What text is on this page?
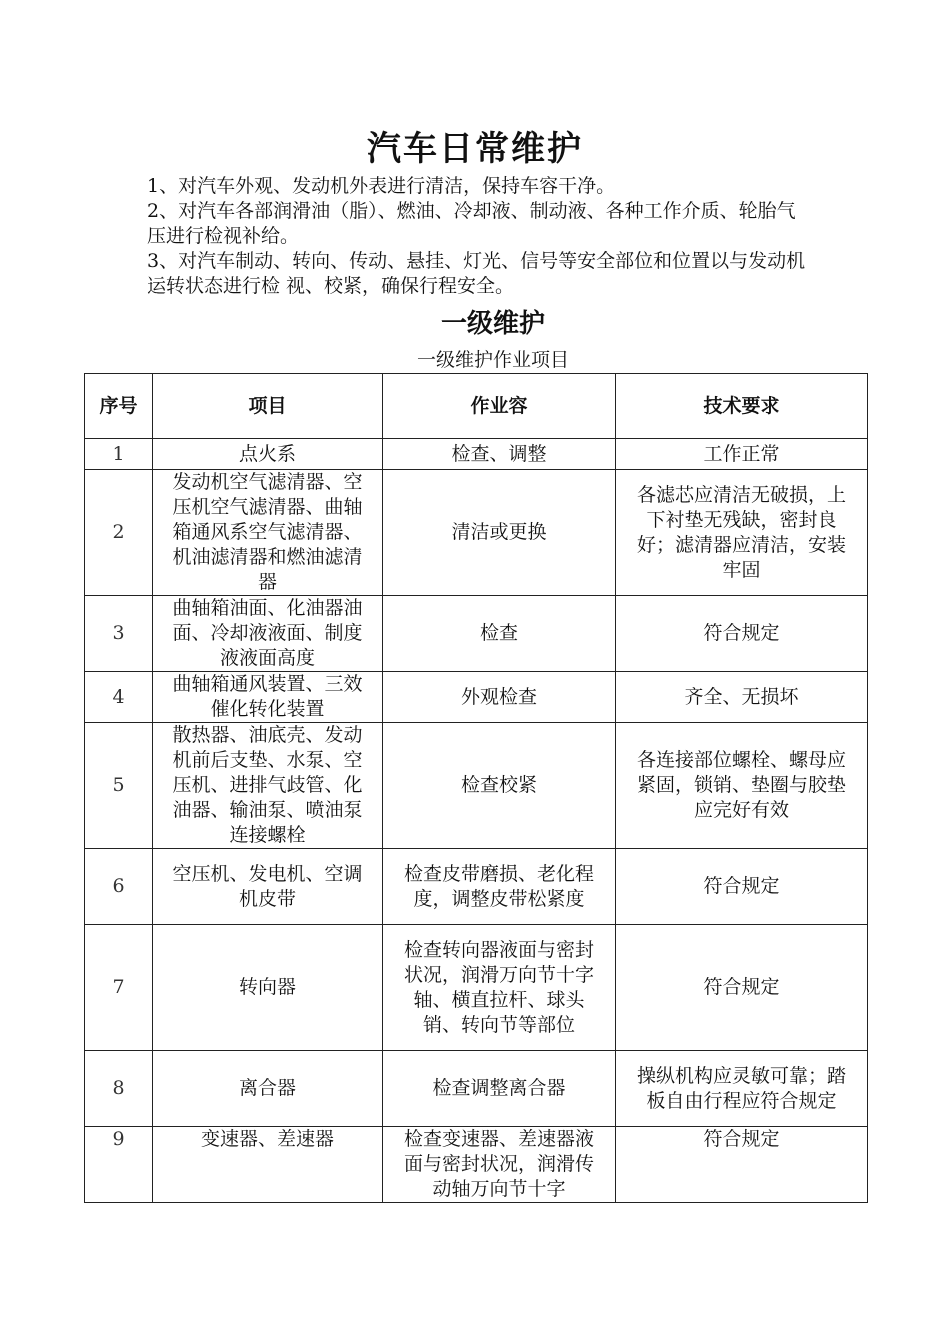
汽车日常维护

1、对汽车外观、发动机外表进行清洁，保持车容干净。

2、对汽车各部润滑油（脂）、燃油、冷却液、制动液、各种工作介质、轮胎气压进行检视补给。

3、对汽车制动、转向、传动、悬挂、灯光、信号等安全部位和位置以与发动机运转状态进行检 视、校紧，确保行程安全。

一级维护
一级维护作业项目
序号	项目	作业容	技术要求
1	点火系	检查、调整	工作正常
2	发动机空气滤清器、空压机空气滤清器、曲轴箱通风系空气滤清器、机油滤清器和燃油滤清器	清洁或更换	各滤芯应清洁无破损，上下衬垫无残缺，密封良好；滤清器应清洁，安装牢固
3	曲轴箱油面、化油器油面、冷却液液面、制度液液面高度	检查	符合规定
4	曲轴箱通风装置、三效催化转化装置	外观检查	齐全、无损坏
5	散热器、油底壳、发动机前后支垫、水泵、空压机、进排气歧管、化油器、输油泵、喷油泵连接螺栓	检查校紧	各连接部位螺栓、螺母应紧固，锁销、垫圈与胶垫应完好有效
6	空压机、发电机、空调机皮带	检查皮带磨损、老化程度，调整皮带松紧度	符合规定
7	转向器	检查转向器液面与密封状况，润滑万向节十字轴、横直拉杆、球头销、转向节等部位	符合规定
8	离合器	检查调整离合器	操纵机构应灵敏可靠；踏板自由行程应符合规定
9	变速器、差速器	检查变速器、差速器液面与密封状况，润滑传动轴万向节十字	符合规定
